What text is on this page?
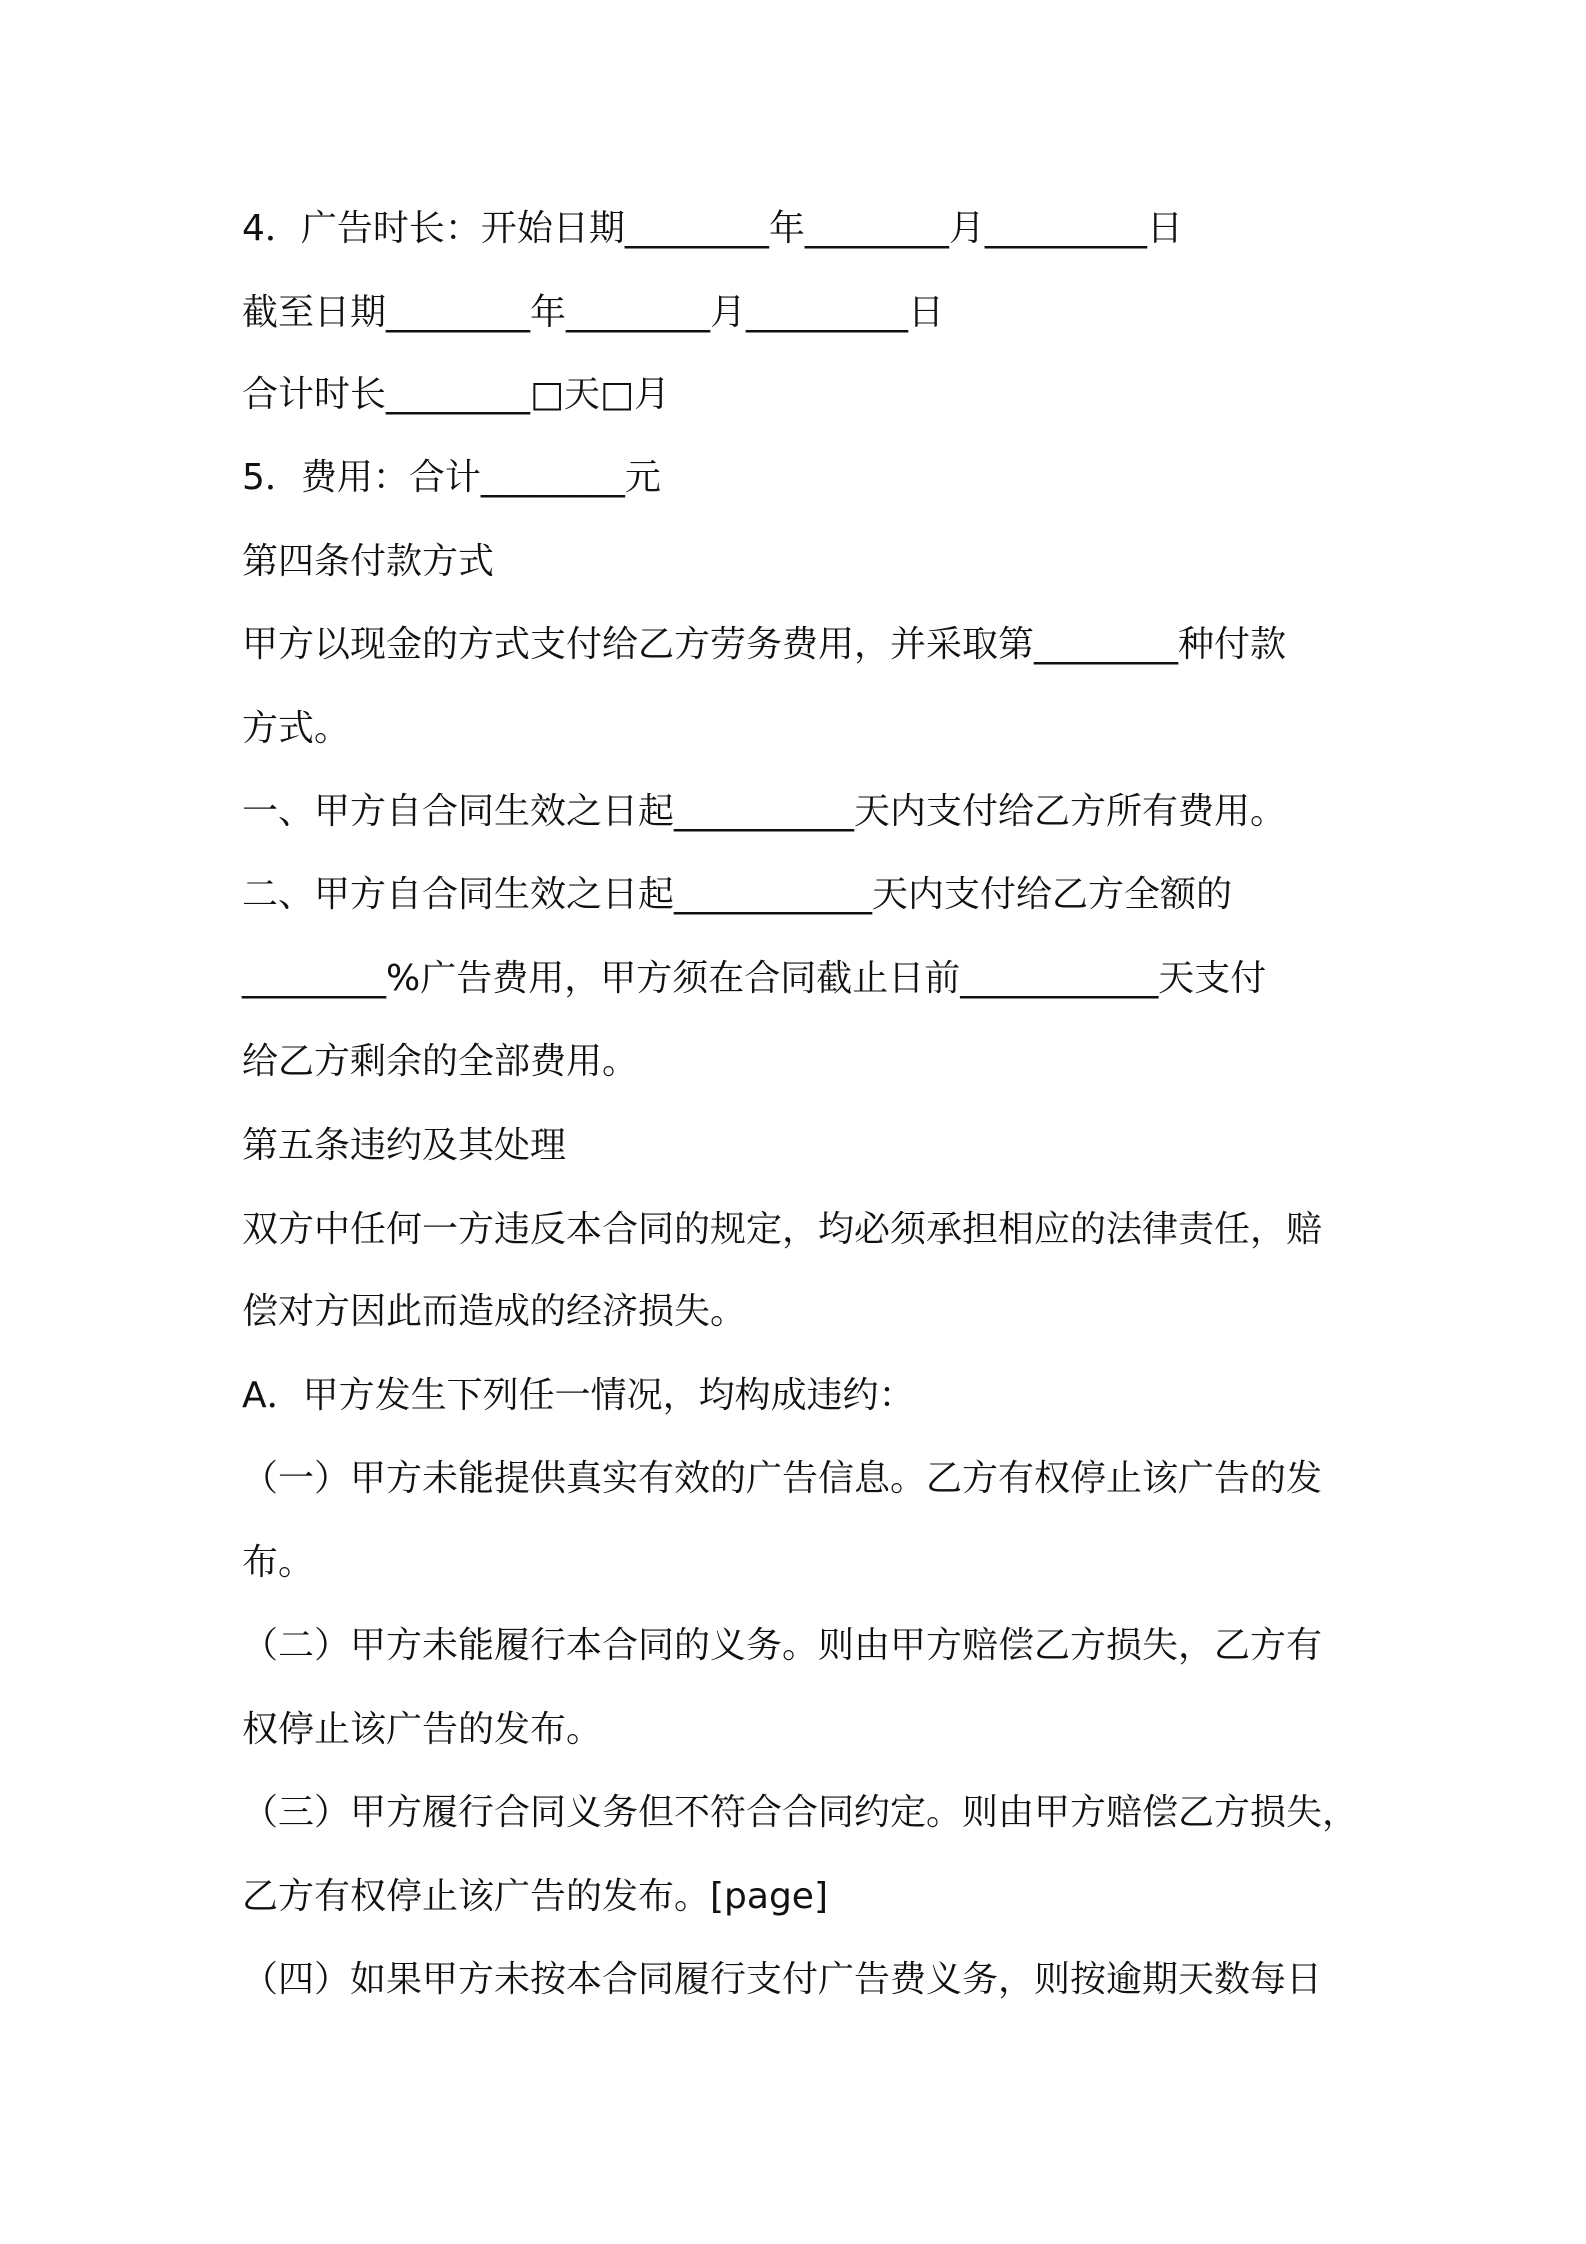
4．广告时长：开始日期________年________月_________日

截至日期________年________月_________日

合计时长________□天□月

5．费用：合计________元

第四条付款方式

甲方以现金的方式支付给乙方劳务费用，并采取第________种付款

方式。

一、甲方自合同生效之日起__________天内支付给乙方所有费用。

二、甲方自合同生效之日起___________天内支付给乙方全额的

________%广告费用，甲方须在合同截止日前___________天支付

给乙方剩余的全部费用。

第五条违约及其处理

双方中任何一方违反本合同的规定，均必须承担相应的法律责任，赔

偿对方因此而造成的经济损失。

A．甲方发生下列任一情况，均构成违约：

（一）甲方未能提供真实有效的广告信息。乙方有权停止该广告的发

布。

（二）甲方未能履行本合同的义务。则由甲方赔偿乙方损失，乙方有

权停止该广告的发布。

（三）甲方履行合同义务但不符合合同约定。则由甲方赔偿乙方损失，

乙方有权停止该广告的发布。[page]

（四）如果甲方未按本合同履行支付广告费义务，则按逾期天数每日
